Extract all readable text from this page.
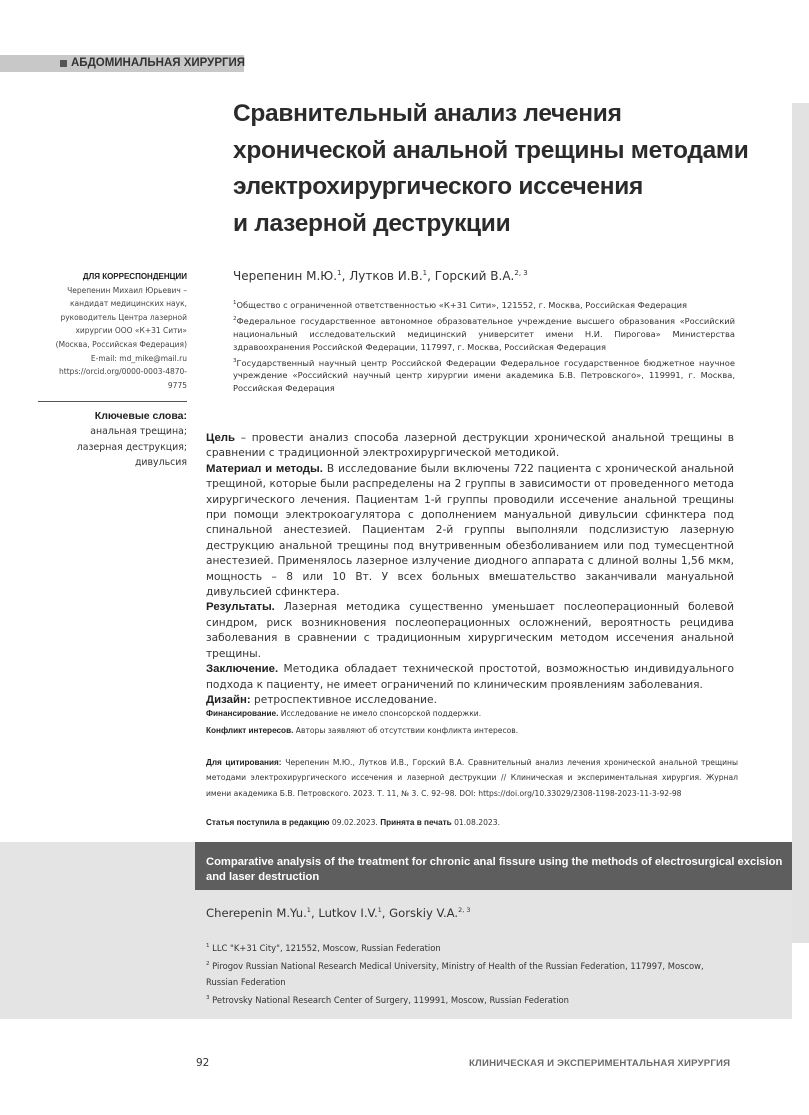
АБДОМИНАЛЬНАЯ ХИРУРГИЯ
Сравнительный анализ лечения
хронической анальной трещины методами
электрохирургического иссечения
и лазерной деструкции
Черепенин М.Ю.$^1$, Лутков И.В.$^1$, Горский В.А.$^{2, 3}$

$^1$Общество с ограниченной ответственностью «К+31 Сити», 121552, г. Москва, Российская Федерация

$^2$Федеральное государственное автономное образовательное учреждение высшего образования «Российский национальный исследовательский медицинский университет имени Н.И. Пирогова» Министерства здравоохранения Российской Федерации, 117997, г. Москва, Российская Федерация

$^3$Государственный научный центр Российской Федерации Федеральное государственное бюджетное научное учреждение «Российский научный центр хирургии имени академика Б.В. Петровского», 119991, г. Москва, Российская Федерация

ДЛЯ КОРРЕСПОНДЕНЦИИ
Черепенин Михаил Юрьевич –
кандидат медицинских наук,
руководитель Центра лазерной
хирургии ООО «К+31 Сити»
(Москва, Российская Федерация)
E-mail: md_mike@mail.ru
https://orcid.org/0000-0003-4870-
9775
Ключевые слова:
анальная трещина;
лазерная деструкция;
дивульсия

Цель – провести анализ способа лазерной деструкции хронической анальной трещины в сравнении с традиционной электрохирургической методикой.

Материал и методы. В исследование были включены 722 пациента с хронической анальной трещиной, которые были распределены на 2 группы в зависимости от проведенного метода хирургического лечения. Пациентам 1-й группы проводили иссечение анальной трещины при помощи электрокоагулятора с дополнением мануальной дивульсии сфинктера под спинальной анестезией. Пациентам 2-й группы выполняли подслизистую лазерную деструкцию анальной трещины под внутривенным обезболиванием или под тумесцентной анестезией. Применялось лазерное излучение диодного аппарата с длиной волны 1,56 мкм, мощность – 8 или 10 Вт. У всех больных вмешательство заканчивали мануальной дивульсией сфинктера.

Результаты. Лазерная методика существенно уменьшает послеоперационный болевой синдром, риск возникновения послеоперационных осложнений, вероятность рецидива заболевания в сравнении с традиционным хирургическим методом иссечения анальной трещины.

Заключение. Методика обладает технической простотой, возможностью индивидуального подхода к пациенту, не имеет ограничений по клиническим проявлениям заболевания.

Дизайн: ретроспективное исследование.

Финансирование. Исследование не имело спонсорской поддержки.
Конфликт интересов. Авторы заявляют об отсутствии конфликта интересов.
Для цитирования: Черепенин М.Ю., Лутков И.В., Горский В.А. Сравнительный анализ лечения хронической анальной трещины методами электрохирургического иссечения и лазерной деструкции // Клиническая и экспериментальная хирургия. Журнал имени академика Б.В. Петровского. 2023. Т. 11, № 3. С. 92–98. DOI: https://doi.org/10.33029/2308-1198-2023-11-3-92-98
Статья поступила в редакцию 09.02.2023. Принята в печать 01.08.2023.
Comparative analysis of the treatment for chronic anal fissure using the methods of electrosurgical excision and laser destruction
Cherepenin M.Yu.$^1$, Lutkov I.V.$^1$, Gorskiy V.A.$^{2, 3}$

$^1$ LLC "K+31 City", 121552, Moscow, Russian Federation

$^2$ Pirogov Russian National Research Medical University, Ministry of Health of the Russian Federation, 117997, Moscow, Russian Federation

$^3$ Petrovsky National Research Center of Surgery, 119991, Moscow, Russian Federation

92	КЛИНИЧЕСКАЯ И ЭКСПЕРИМЕНТАЛЬНАЯ ХИРУРГИЯ
